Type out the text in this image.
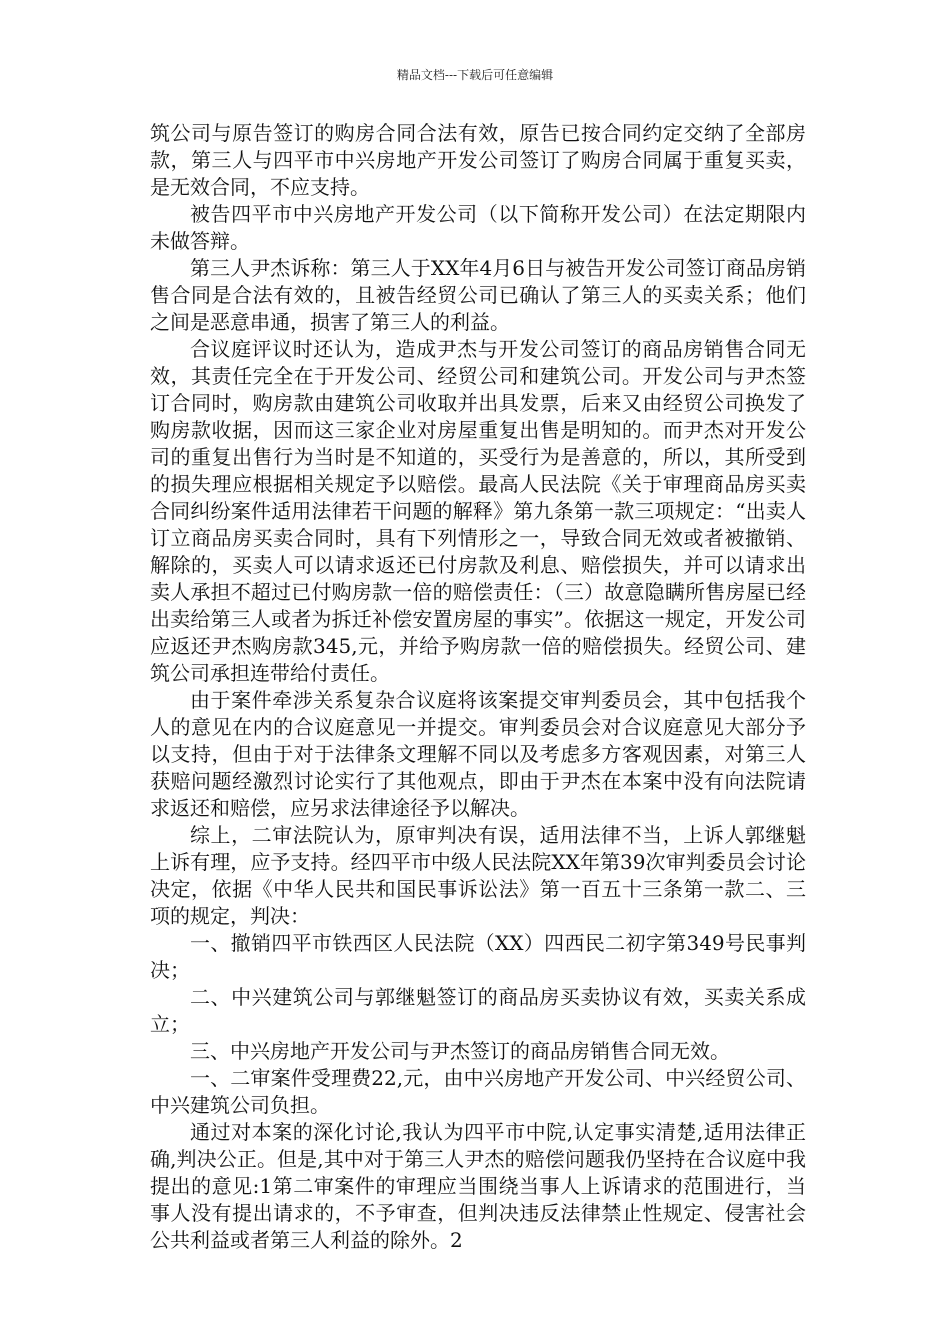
精品文档---下载后可任意编辑

筑公司与原告签订的购房合同合法有效，原告已按合同约定交纳了全部房款，第三人与四平市中兴房地产开发公司签订了购房合同属于重复买卖，是无效合同，不应支持。

被告四平市中兴房地产开发公司（以下简称开发公司）在法定期限内未做答辩。

第三人尹杰诉称：第三人于XX年4月6日与被告开发公司签订商品房销售合同是合法有效的，且被告经贸公司已确认了第三人的买卖关系；他们之间是恶意串通，损害了第三人的利益。

合议庭评议时还认为，造成尹杰与开发公司签订的商品房销售合同无效，其责任完全在于开发公司、经贸公司和建筑公司。开发公司与尹杰签订合同时，购房款由建筑公司收取并出具发票，后来又由经贸公司换发了购房款收据，因而这三家企业对房屋重复出售是明知的。而尹杰对开发公司的重复出售行为当时是不知道的，买受行为是善意的，所以，其所受到的损失理应根据相关规定予以赔偿。最高人民法院《关于审理商品房买卖合同纠纷案件适用法律若干问题的解释》第九条第一款三项规定：“出卖人订立商品房买卖合同时，具有下列情形之一，导致合同无效或者被撤销、解除的，买卖人可以请求返还已付房款及利息、赔偿损失，并可以请求出卖人承担不超过已付购房款一倍的赔偿责任：（三）故意隐瞒所售房屋已经出卖给第三人或者为拆迁补偿安置房屋的事实”。依据这一规定，开发公司应返还尹杰购房款345,元，并给予购房款一倍的赔偿损失。经贸公司、建筑公司承担连带给付责任。

由于案件牵涉关系复杂合议庭将该案提交审判委员会，其中包括我个人的意见在内的合议庭意见一并提交。审判委员会对合议庭意见大部分予以支持，但由于对于法律条文理解不同以及考虑多方客观因素，对第三人获赔问题经激烈讨论实行了其他观点，即由于尹杰在本案中没有向法院请求返还和赔偿，应另求法律途径予以解决。

综上，二审法院认为，原审判决有误，适用法律不当，上诉人郭继魁上诉有理，应予支持。经四平市中级人民法院XX年第39次审判委员会讨论决定，依据《中华人民共和国民事诉讼法》第一百五十三条第一款二、三项的规定，判决：

一、撤销四平市铁西区人民法院（XX）四西民二初字第349号民事判决；

二、中兴建筑公司与郭继魁签订的商品房买卖协议有效，买卖关系成立；

三、中兴房地产开发公司与尹杰签订的商品房销售合同无效。

一、二审案件受理费22,元，由中兴房地产开发公司、中兴经贸公司、中兴建筑公司负担。

通过对本案的深化讨论,我认为四平市中院,认定事实清楚,适用法律正确,判决公正。但是,其中对于第三人尹杰的赔偿问题我仍坚持在合议庭中我提出的意见:1第二审案件的审理应当围绕当事人上诉请求的范围进行，当事人没有提出请求的，不予审查，但判决违反法律禁止性规定、侵害社会公共利益或者第三人利益的除外。2
